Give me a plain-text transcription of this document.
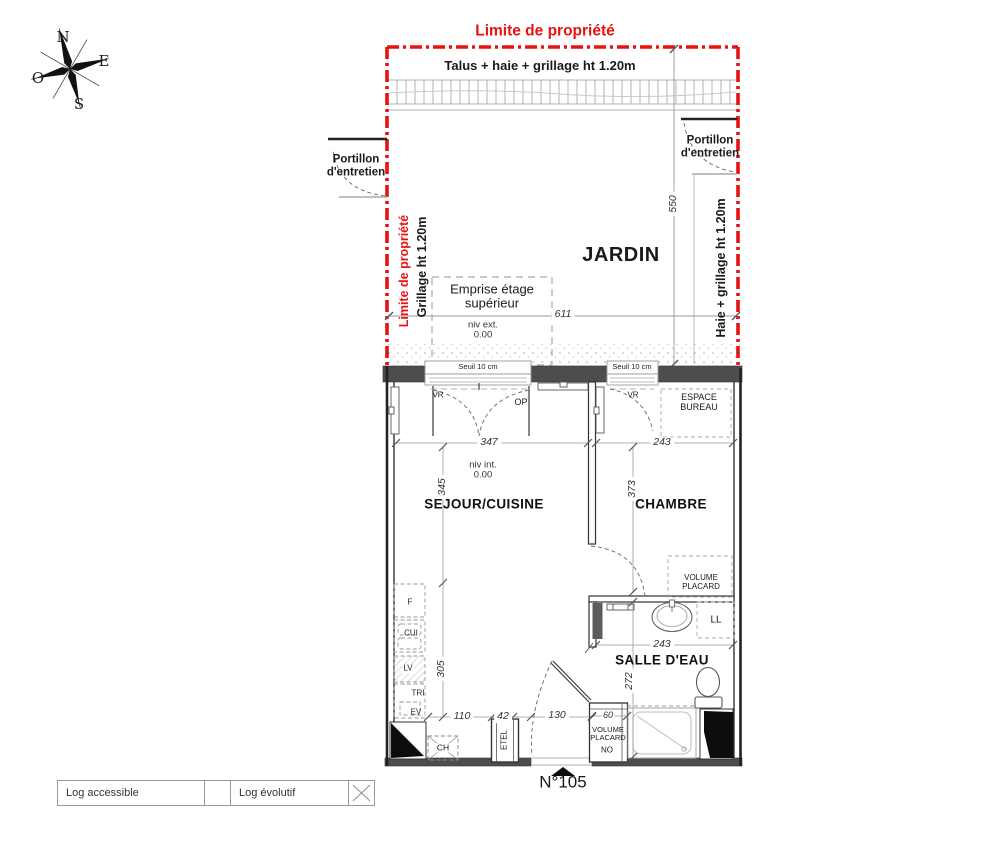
N
E
S
O
Limite de propriété
Talus + haie + grillage ht 1.20m
Portillon
d'entretien
Portillon
d'entretien
JARDIN
Emprise étage
supérieur
niv ext.
0.00
611
550
Limite de propriété Grillage ht 1.20m	Haie + grillage ht 1.20m
Seuil 10 cm	Seuil 10 cm
VR
OP
VR	ESPACE
BUREAU
347	243
niv int.
0.00
345	373
SEJOUR/CUISINE	CHAMBRE
VOLUME
PLACARD
305
F
CUI
LV
TRI
EV
LL
243
SALLE D'EAU
272
110	42	130
CH	ETEL
60
VOLUME
PLACARD
NO
N°105
Log accessible	Log évolutif
